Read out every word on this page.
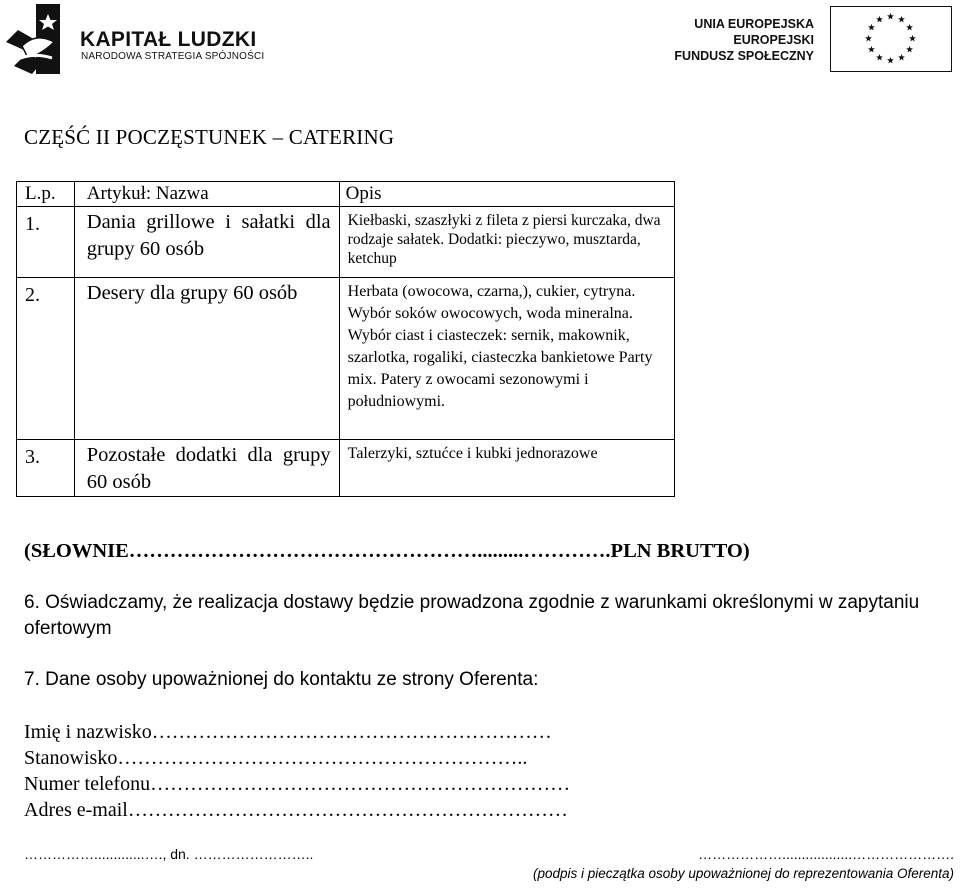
KAPITAŁ LUDZKI
NARODOWA STRATEGIA SPÓJNOŚCI
UNIA EUROPEJSKA
EUROPEJSKI
FUNDUSZ SPOŁECZNY
CZĘŚĆ II POCZĘSTUNEK – CATERING
L.p.	Artykuł: Nazwa	Opis
1.	Dania grillowe i sałatki dla grupy 60 osób	Kiełbaski, szaszłyki z fileta z piersi kurczaka, dwa rodzaje sałatek. Dodatki: pieczywo, musztarda, ketchup
2.	Desery dla grupy 60 osób	Herbata (owocowa, czarna,), cukier, cytryna. Wybór soków owocowych, woda mineralna. Wybór ciast i ciasteczek: sernik, makownik, szarlotka, rogaliki, ciasteczka bankietowe Party mix. Patery z owocami sezonowymi i południowymi.
3.	Pozostałe dodatki dla grupy 60 osób	Talerzyki, sztućce i kubki jednorazowe
(SŁOWNIE…………………………………………….........………….PLN BRUTTO)
6. Oświadczamy, że realizacja dostawy będzie prowadzona zgodnie z warunkami określonymi w zapytaniu ofertowym
7. Dane osoby upoważnionej do kontaktu ze strony Oferenta:
Imię i nazwisko……………………………………………………
Stanowisko……………………………………………………..
Numer telefonu………………………………………………………
Adres e-mail…………………………………………………………
…………….............…., dn. ……………………..	………………..................………………….
(podpis i pieczątka osoby upoważnionej do reprezentowania Oferenta)
